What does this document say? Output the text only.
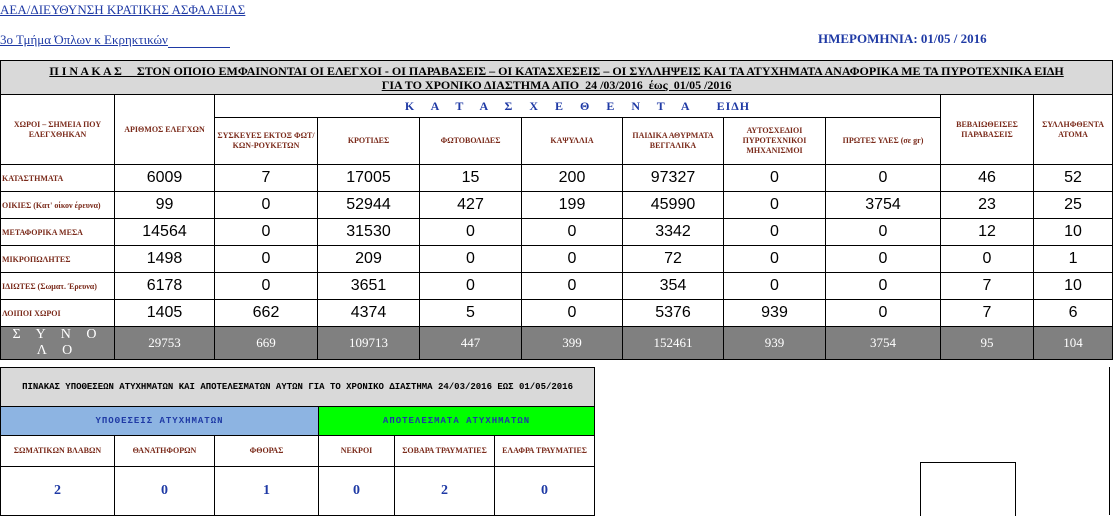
ΑΕΑ/ΔΙΕΥΘΥΝΣΗ ΚΡΑΤΙΚΗΣ ΑΣΦΑΛΕΙΑΣ
3ο Τμήμα Όπλων κ Εκρηκτικών	ΗΜΕΡΟΜΗΝΙΑ: 01/05 / 2016
Π Ι Ν Α Κ Α Σ     ΣΤΟΝ ΟΠΟΙΟ ΕΜΦΑΙΝΟΝΤΑΙ ΟΙ ΕΛΕΓΧΟΙ - ΟΙ ΠΑΡΑΒΑΣΕΙΣ – ΟΙ ΚΑΤΑΣΧΕΣΕΙΣ – ΟΙ ΣΥΛΛΗΨΕΙΣ ΚΑΙ ΤΑ ΑΤΥΧΗΜΑΤΑ ΑΝΑΦΟΡΙΚΑ ΜΕ ΤΑ ΠΥΡΟΤΕΧΝΙΚΑ ΕΙΔΗ
ΓΙΑ ΤΟ ΧΡΟΝΙΚΟ ΔΙΑΣΤΗΜΑ ΑΠΟ  24 /03/2016  έως  01/05 /2016										

ΧΩΡΟΙ – ΣΗΜΕΙΑ ΠΟΥ ΕΛΕΓΧΘΗΚΑΝ	ΑΡΙΘΜΟΣ ΕΛΕΓΧΩΝ	Κ Α Τ Α Σ Χ Ε Θ Ε Ν Τ Α ΕΙΔΗ							ΒΕΒΑΙΩΘΕΙΣΕΣ ΠΑΡΑΒΑΣΕΙΣ	ΣΥΛΛΗΦΘΕΝΤΑ ΑΤΟΜΑ
		ΣΥΣΚΕΥΕΣ ΕΚΤΟΞ ΦΩΤ/ΚΩΝ-ΡΟΥΚΕΤΩΝ	ΚΡΟΤΙΔΕΣ	ΦΩΤΟΒΟΛΙΔΕΣ	ΚΑΨΥΛΛΙΑ	ΠΑΙΔΙΚΑ ΑΘΥΡΜΑΤΑ ΒΕΓΓΑΛΙΚΑ	ΑΥΤΟΣΧΕΔΙΟΙ ΠΥΡΟΤΕΧΝΙΚΟΙ ΜΗΧΑΝΙΣΜΟΙ	ΠΡΩΤΕΣ ΥΛΕΣ (σε gr)		
ΚΑΤΑΣΤΗΜΑΤΑ	6009	7	17005	15	200	97327	0	0	46	52
ΟΙΚΙΕΣ (Κατ' οίκον έρευνα)	99	0	52944	427	199	45990	0	3754	23	25
ΜΕΤΑΦΟΡΙΚΑ ΜΕΣΑ	14564	0	31530	0	0	3342	0	0	12	10
ΜΙΚΡΟΠΩΛΗΤΕΣ	1498	0	209	0	0	72	0	0	0	1
ΙΔΙΩΤΕΣ (Σωματ. Έρευνα)	6178	0	3651	0	0	354	0	0	7	10
ΛΟΙΠΟΙ ΧΩΡΟΙ	1405	662	4374	5	0	5376	939	0	7	6
Σ Υ Ν Ο Λ Ο	29753	669	109713	447	399	152461	939	3754	95	104
ΠΙΝΑΚΑΣ ΥΠΟΘΕΣΕΩΝ ΑΤΥΧΗΜΑΤΩΝ ΚΑΙ ΑΠΟΤΕΛΕΣΜΑΤΩΝ ΑΥΤΩΝ ΓΙΑ ΤΟ ΧΡΟΝΙΚΟ ΔΙΑΣΤΗΜΑ 24/03/2016 ΕΩΣ 01/05/2016					
ΥΠΟΘΕΣΕΙΣ ΑΤΥΧΗΜΑΤΩΝ			ΑΠΟΤΕΛΕΣΜΑΤΑ ΑΤΥΧΗΜΑΤΩΝ		
ΣΩΜΑΤΙΚΩΝ ΒΛΑΒΩΝ	ΘΑΝΑΤΗΦΟΡΩΝ	ΦΘΟΡΑΣ	ΝΕΚΡΟΙ	ΣΟΒΑΡΑ ΤΡΑΥΜΑΤΙΕΣ	ΕΛΑΦΡΑ ΤΡΑΥΜΑΤΙΕΣ
2	0	1	0	2	0
